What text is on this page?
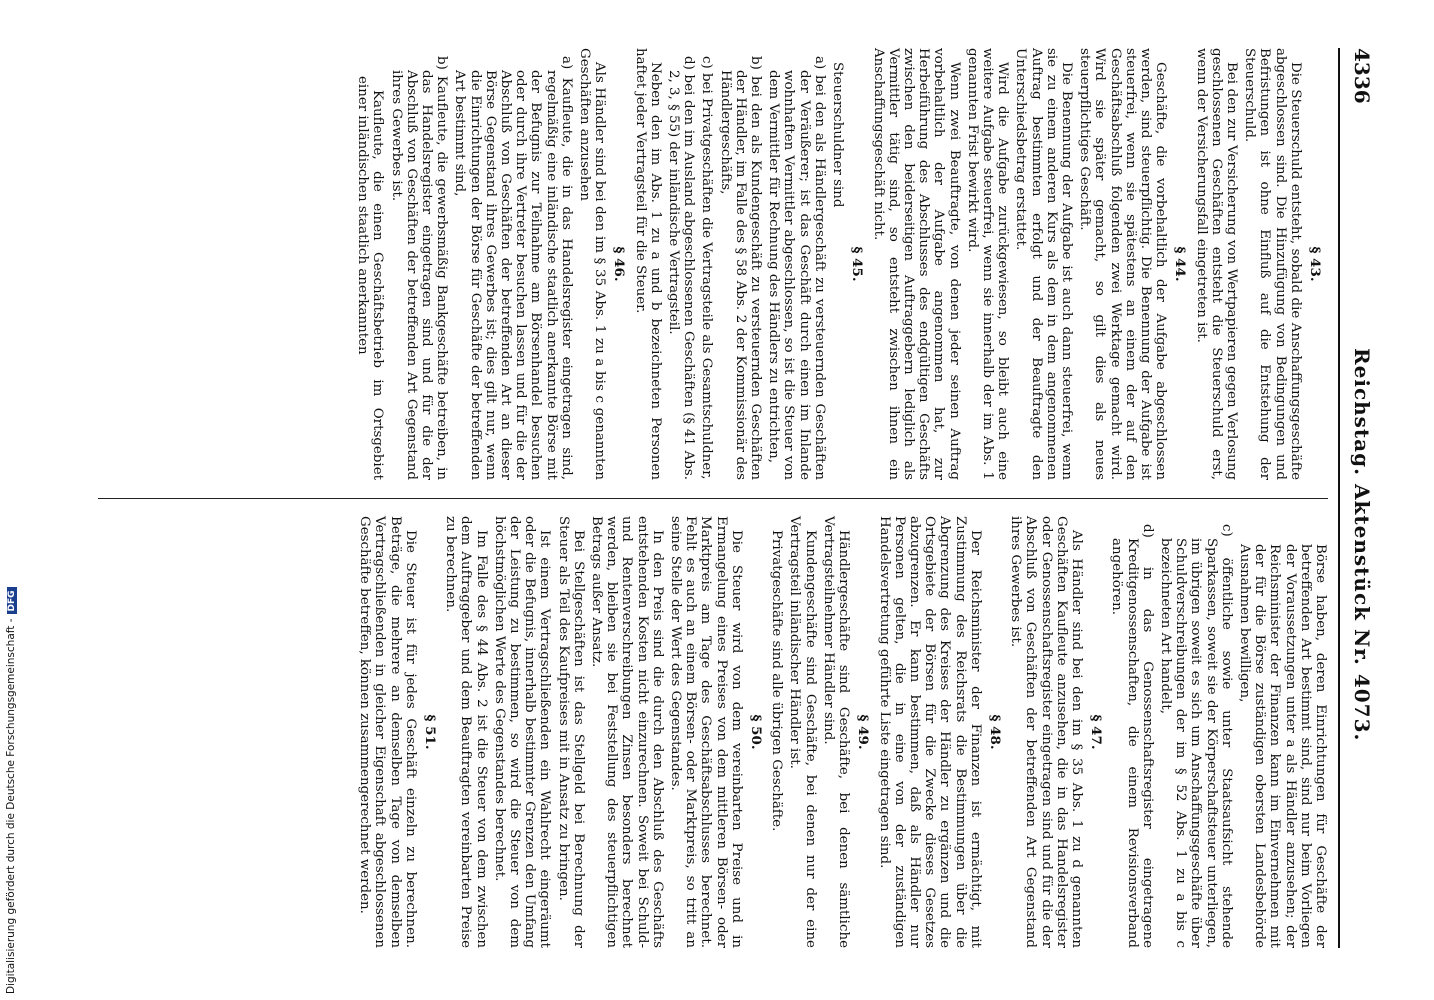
4336
Reichstag. Aktenstück Nr. 4073.
§ 43.

Die Steuerschuld entsteht, sobald die Anschaffungsgeschäfte abgeschlossen sind. Die Hinzufügung von Bedingungen und Befristungen ist ohne Einfluß auf die Entstehung der Steuerschuld.

Bei den zur Versicherung von Wertpapieren gegen Verlosung geschlossenen Geschäften entsteht die Steuerschuld erst, wenn der Versicherungsfall eingetreten ist.

§ 44.

Geschäfte, die vorbehaltlich der Aufgabe abgeschlossen werden, sind steuerpflichtig. Die Benennung der Aufgabe ist steuerfrei, wenn sie spätestens an einem der auf den Geschäftsabschluß folgenden zwei Werktage gemacht wird. Wird sie später gemacht, so gilt dies als neues steuerpflichtiges Geschäft.

Die Benennung der Aufgabe ist auch dann steuerfrei, wenn sie zu einem anderen Kurs als dem in dem angenommenen Auftrag bestimmten erfolgt und der Beauftragte den Unterschiedsbetrag erstattet.

Wird die Aufgabe zurückgewiesen, so bleibt auch eine weitere Aufgabe steuerfrei, wenn sie innerhalb der im Abs. 1 genannten Frist bewirkt wird.

Wenn zwei Beauftragte, von denen jeder seinen Auftrag vorbehaltlich der Aufgabe angenommen hat, zur Herbeiführung des Abschlusses des endgültigen Geschäfts zwischen den beiderseitigen Auftraggebern lediglich als Vermittler tätig sind, so entsteht zwischen ihnen ein Anschaffungsgeschäft nicht.

§ 45.

Steuerschuldner sind

a) bei den als Händlergeschäft zu versteuernden Geschäften der Veräußerer; ist das Geschäft durch einen im Inlande wohnhaften Vermittler abgeschlossen, so ist die Steuer von dem Vermittler für Rechnung des Händlers zu entrichten,

b) bei den als Kundengeschäft zu versteuernden Geschäften der Händler, im Falle des § 58 Abs. 2 der Kommissionär des Händlergeschäfts,

c) bei Privatgeschäften die Vertragsteile als Gesamtschuldner,

d) bei den im Ausland abgeschlossenen Geschäften (§ 41 Abs. 2, 3, § 55) der inländische Vertragsteil.

Neben den im Abs. 1 zu a und b bezeichneten Personen haftet jeder Vertragsteil für die Steuer.

§ 46.

Als Händler sind bei den im § 35 Abs. 1 zu a bis c genannten Geschäften anzusehen

a) Kaufleute, die in das Handelsregister eingetragen sind, regelmäßig eine inländische staatlich anerkannte Börse mit der Befugnis zur Teilnahme am Börsenhandel besuchen oder durch ihre Vertreter besuchen lassen und für die der Abschluß von Geschäften der betreffenden Art an dieser Börse Gegenstand ihres Gewerbes ist; dies gilt nur, wenn die Einrichtungen der Börse für Geschäfte der betreffenden Art bestimmt sind,

b) Kaufleute, die gewerbsmäßig Bankgeschäfte betreiben, in das Handelsregister eingetragen sind und für die der Abschluß von Geschäften der betreffenden Art Gegenstand ihres Gewerbes ist.

Kaufleute, die einen Geschäftsbetrieb im Ortsgebiet einer inländischen staatlich anerkannten

Börse haben, deren Einrichtungen für Geschäfte der betreffenden Art bestimmt sind, sind nur beim Vorliegen der Voraussetzungen unter a als Händler anzusehen; der Reichsminister der Finanzen kann im Einvernehmen mit der für die Börse zuständigen obersten Landesbehörde Ausnahmen bewilligen,

c) öffentliche sowie unter Staatsaufsicht stehende Sparkassen, soweit sie der Körperschaftsteuer unterliegen, im übrigen soweit es sich um Anschaffungsgeschäfte über Schuldverschreibungen der im § 52 Abs. 1 zu a bis c bezeichneten Art handelt,

d) in das Genossenschaftsregister eingetragene Kreditgenossenschaften, die einem Revisionsverband angehören.

§ 47.

Als Händler sind bei den im § 35 Abs. 1 zu d genannten Geschäften Kaufleute anzusehen, die in das Handelsregister oder Genossenschaftsregister eingetragen sind und für die der Abschluß von Geschäften der betreffenden Art Gegenstand ihres Gewerbes ist.

§ 48.

Der Reichsminister der Finanzen ist ermächtigt, mit Zustimmung des Reichsrats die Bestimmungen über die Abgrenzung des Kreises der Händler zu ergänzen und die Ortsgebiete der Börsen für die Zwecke dieses Gesetzes abzugrenzen. Er kann bestimmen, daß als Händler nur Personen gelten, die in eine von der zuständigen Handelsvertretung geführte Liste eingetragen sind.

§ 49.

Händlergeschäfte sind Geschäfte, bei denen sämtliche Vertragsteilnehmer Händler sind.

Kundengeschäfte sind Geschäfte, bei denen nur der eine Vertragsteil inländischer Händler ist.

Privatgeschäfte sind alle übrigen Geschäfte.

§ 50.

Die Steuer wird von dem vereinbarten Preise und in Ermangelung eines Preises von dem mittleren Börsen- oder Marktpreis am Tage des Geschäftsabschlusses berechnet. Fehlt es auch an einem Börsen- oder Marktpreis, so tritt an seine Stelle der Wert des Gegenstandes.

In den Preis sind die durch den Abschluß des Geschäfts entstehenden Kosten nicht einzurechnen. Soweit bei Schuld- und Rentenverschreibungen Zinsen besonders berechnet werden, bleiben sie bei Feststellung des steuerpflichtigen Betrags außer Ansatz.

Bei Stellgeschäften ist das Stellgeld bei Berechnung der Steuer als Teil des Kaufpreises mit in Ansatz zu bringen.

Ist einem Vertragschließenden ein Wahlrecht eingeräumt oder die Befugnis, innerhalb bestimmter Grenzen den Umfang der Leistung zu bestimmen, so wird die Steuer von dem höchstmöglichen Werte des Gegenstandes berechnet.

Im Falle des § 44 Abs. 2 ist die Steuer von dem zwischen dem Auftraggeber und dem Beauftragten vereinbarten Preise zu berechnen.

§ 51.

Die Steuer ist für jedes Geschäft einzeln zu berechnen. Beträge, die mehrere an demselben Tage von demselben Vertragschließenden in gleicher Eigenschaft abgeschlossenen Geschäfte betreffen, können zusammengerechnet werden.

Digitalisierung gefördert durch die Deutsche Forschungsgemeinschaft -DFG
